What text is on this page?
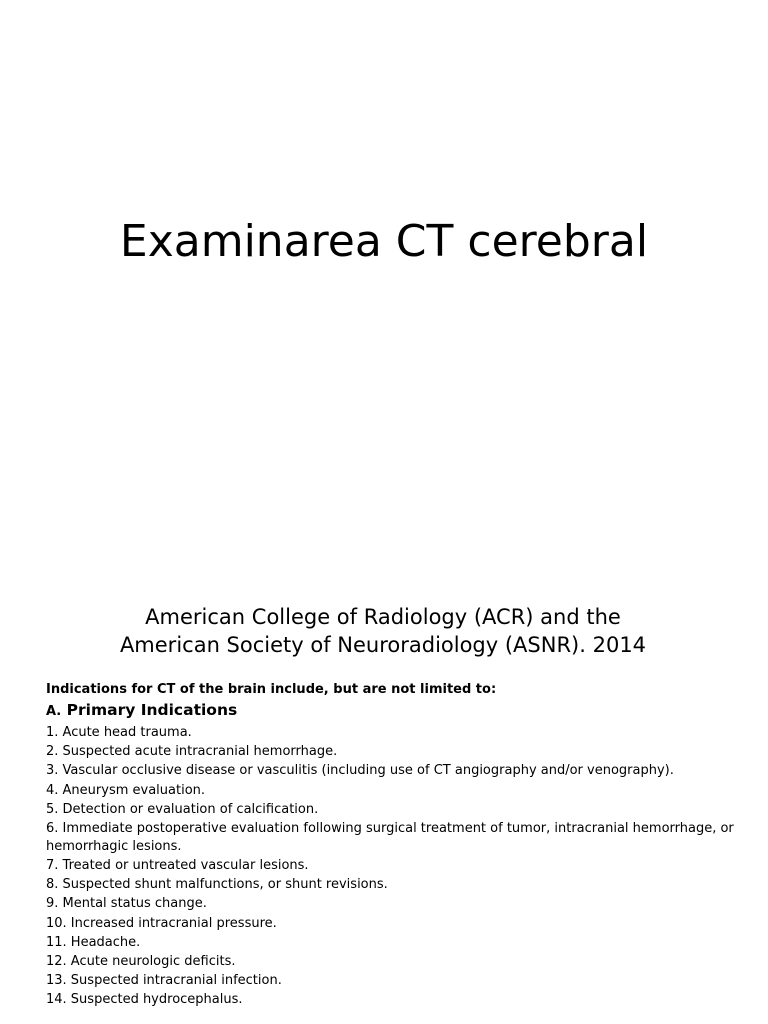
Examinarea CT cerebral
American College of Radiology (ACR) and the
American Society of Neuroradiology (ASNR). 2014

Indications for CT of the brain include, but are not limited to:

A. Primary Indications

1. Acute head trauma.
2. Suspected acute intracranial hemorrhage.
3. Vascular occlusive disease or vasculitis (including use of CT angiography and/or venography).
4. Aneurysm evaluation.
5. Detection or evaluation of calcification.
6. Immediate postoperative evaluation following surgical treatment of tumor, intracranial hemorrhage, or
hemorrhagic lesions.
7. Treated or untreated vascular lesions.
8. Suspected shunt malfunctions, or shunt revisions.
9. Mental status change.
10. Increased intracranial pressure.
11. Headache.
12. Acute neurologic deficits.
13. Suspected intracranial infection.
14. Suspected hydrocephalus.
